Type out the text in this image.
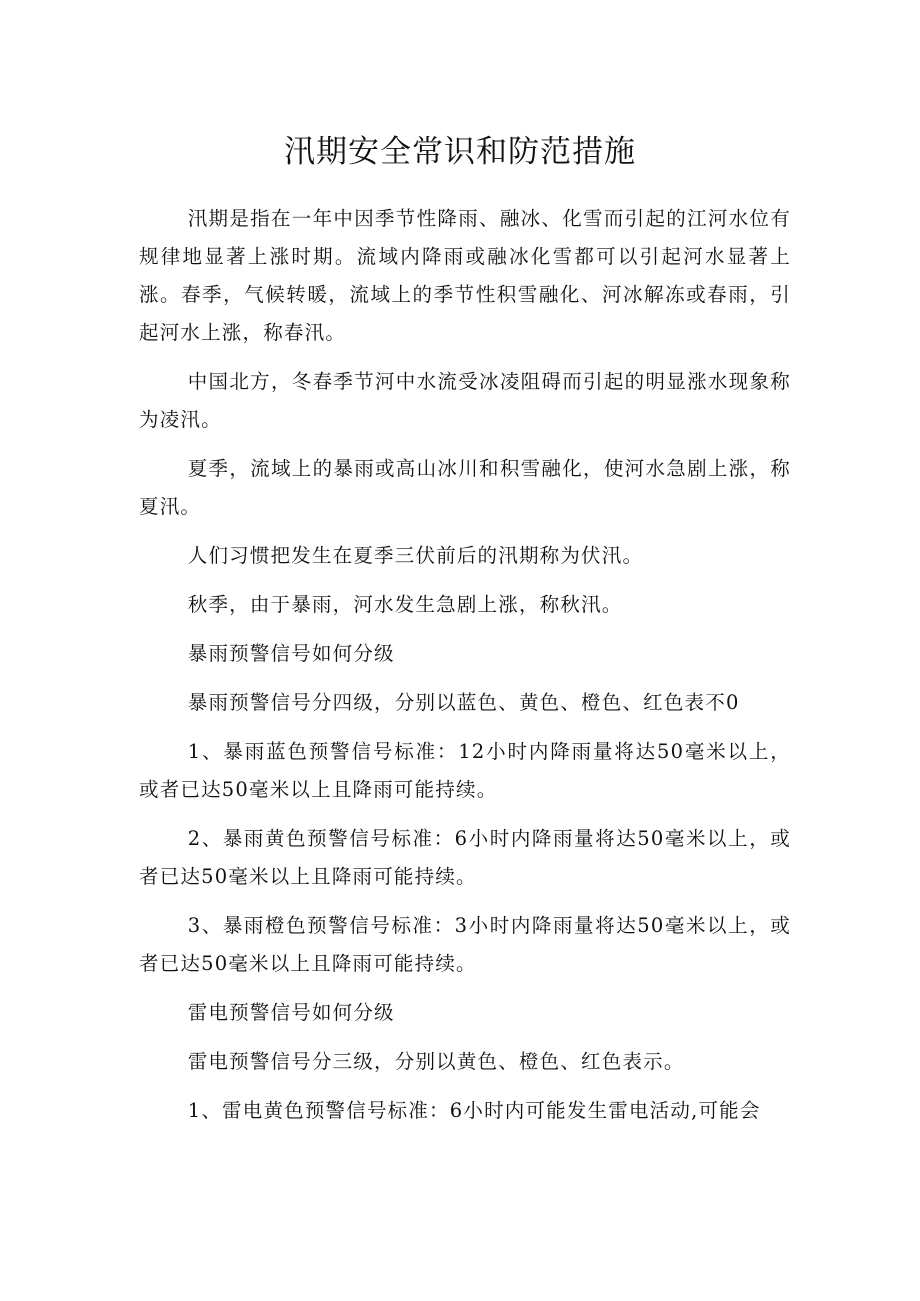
汛期安全常识和防范措施

汛期是指在一年中因季节性降雨、融冰、化雪而引起的江河水位有规律地显著上涨时期。流域内降雨或融冰化雪都可以引起河水显著上涨。春季，气候转暖，流域上的季节性积雪融化、河冰解冻或春雨，引起河水上涨，称春汛。

中国北方，冬春季节河中水流受冰凌阻碍而引起的明显涨水现象称为凌汛。

夏季，流域上的暴雨或高山冰川和积雪融化，使河水急剧上涨，称夏汛。

人们习惯把发生在夏季三伏前后的汛期称为伏汛。

秋季，由于暴雨，河水发生急剧上涨，称秋汛。

暴雨预警信号如何分级

暴雨预警信号分四级，分别以蓝色、黄色、橙色、红色表不0

1、暴雨蓝色预警信号标准：12小时内降雨量将达50毫米以上，或者已达50毫米以上且降雨可能持续。

2、暴雨黄色预警信号标准：6小时内降雨量将达50毫米以上，或者已达50毫米以上且降雨可能持续。

3、暴雨橙色预警信号标准：3小时内降雨量将达50毫米以上，或者已达50毫米以上且降雨可能持续。

雷电预警信号如何分级

雷电预警信号分三级，分别以黄色、橙色、红色表示。

1、雷电黄色预警信号标准：6小时内可能发生雷电活动,可能会
